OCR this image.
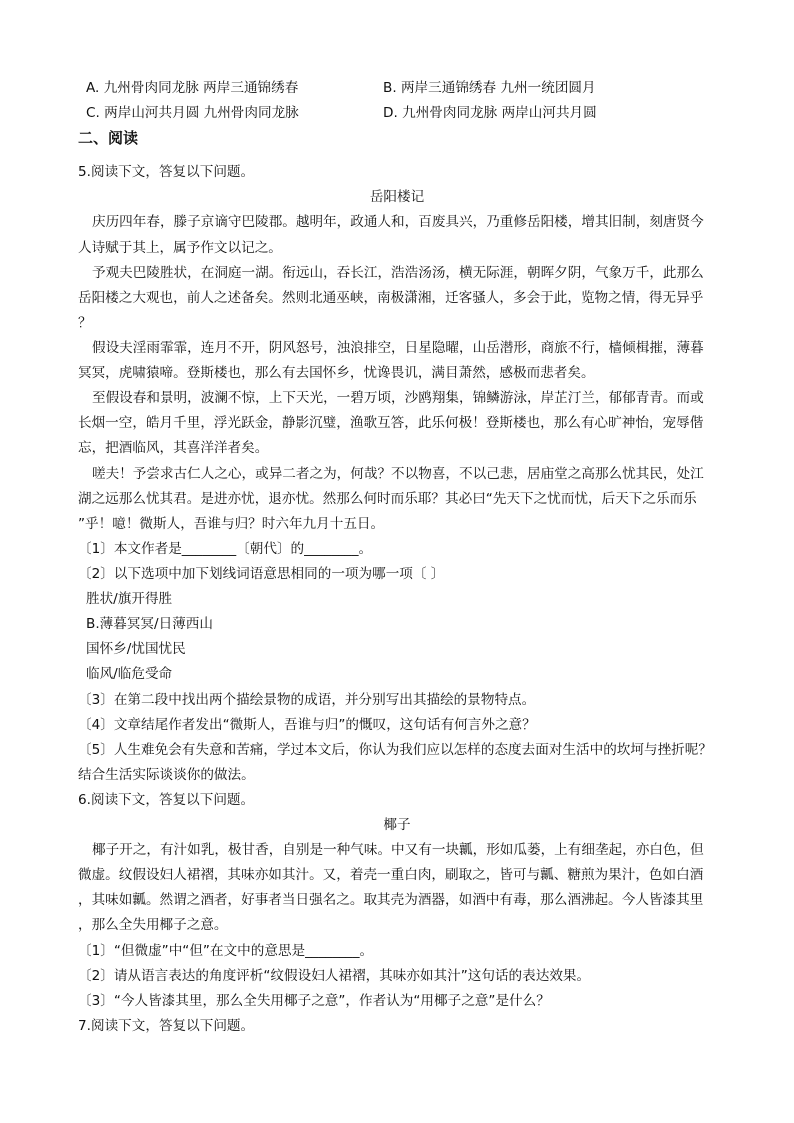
A. 九州骨肉同龙脉 两岸三通锦绣春	B. 两岸三通锦绣春 九州一统团圆月
C. 两岸山河共月圆 九州骨肉同龙脉	D. 九州骨肉同龙脉 两岸山河共月圆
二、阅读
5.阅读下文，答复以下问题。
岳阳楼记
庆历四年春，滕子京谪守巴陵郡。越明年，政通人和，百废具兴，乃重修岳阳楼，增其旧制，刻唐贤今
人诗赋于其上，属予作文以记之。
予观夫巴陵胜状，在洞庭一湖。衔远山，吞长江，浩浩汤汤，横无际涯，朝晖夕阴，气象万千，此那么
岳阳楼之大观也，前人之述备矣。然则北通巫峡，南极潇湘，迁客骚人，多会于此，览物之情，得无异乎
？
假设夫淫雨霏霏，连月不开，阴风怒号，浊浪排空，日星隐曜，山岳潜形，商旅不行，樯倾楫摧，薄暮
冥冥，虎啸猿啼。登斯楼也，那么有去国怀乡，忧谗畏讥，满目萧然，感极而悲者矣。
至假设春和景明，波澜不惊，上下天光，一碧万顷，沙鸥翔集，锦鳞游泳，岸芷汀兰，郁郁青青。而或
长烟一空，皓月千里，浮光跃金，静影沉璧，渔歌互答，此乐何极！登斯楼也，那么有心旷神怡，宠辱偕
忘，把酒临风，其喜洋洋者矣。
嗟夫！予尝求古仁人之心，或异二者之为，何哉？不以物喜，不以己悲，居庙堂之高那么忧其民，处江
湖之远那么忧其君。是进亦忧，退亦忧。然那么何时而乐耶？其必曰“先天下之忧而忧，后天下之乐而乐
”乎！噫！微斯人，吾谁与归？时六年九月十五日。
〔1〕本文作者是________〔朝代〕的________。
〔2〕以下选项中加下划线词语意思相同的一项为哪一项〔 〕
胜状/旗开得胜
B.薄暮冥冥/日薄西山
国怀乡/忧国忧民
临风/临危受命
〔3〕在第二段中找出两个描绘景物的成语，并分别写出其描绘的景物特点。
〔4〕文章结尾作者发出“微斯人，吾谁与归”的慨叹，这句话有何言外之意？
〔5〕人生难免会有失意和苦痛，学过本文后，你认为我们应以怎样的态度去面对生活中的坎坷与挫折呢？
结合生活实际谈谈你的做法。
6.阅读下文，答复以下问题。
椰子
椰子开之，有汁如乳，极甘香，自别是一种气味。中又有一块瓤，形如瓜蒌，上有细垄起，亦白色，但
微虚。纹假设妇人裙褶，其味亦如其汁。又，着壳一重白肉，刷取之，皆可与瓤、糖煎为果汁，色如白酒
，其味如瓤。然谓之酒者，好事者当日强名之。取其壳为酒器，如酒中有毒，那么酒沸起。今人皆漆其里
，那么全失用椰子之意。
〔1〕“但微虚”中“但”在文中的意思是________。
〔2〕请从语言表达的角度评析“纹假设妇人裙褶，其味亦如其汁”这句话的表达效果。
〔3〕“今人皆漆其里，那么全失用椰子之意”，作者认为“用椰子之意”是什么？
7.阅读下文，答复以下问题。
